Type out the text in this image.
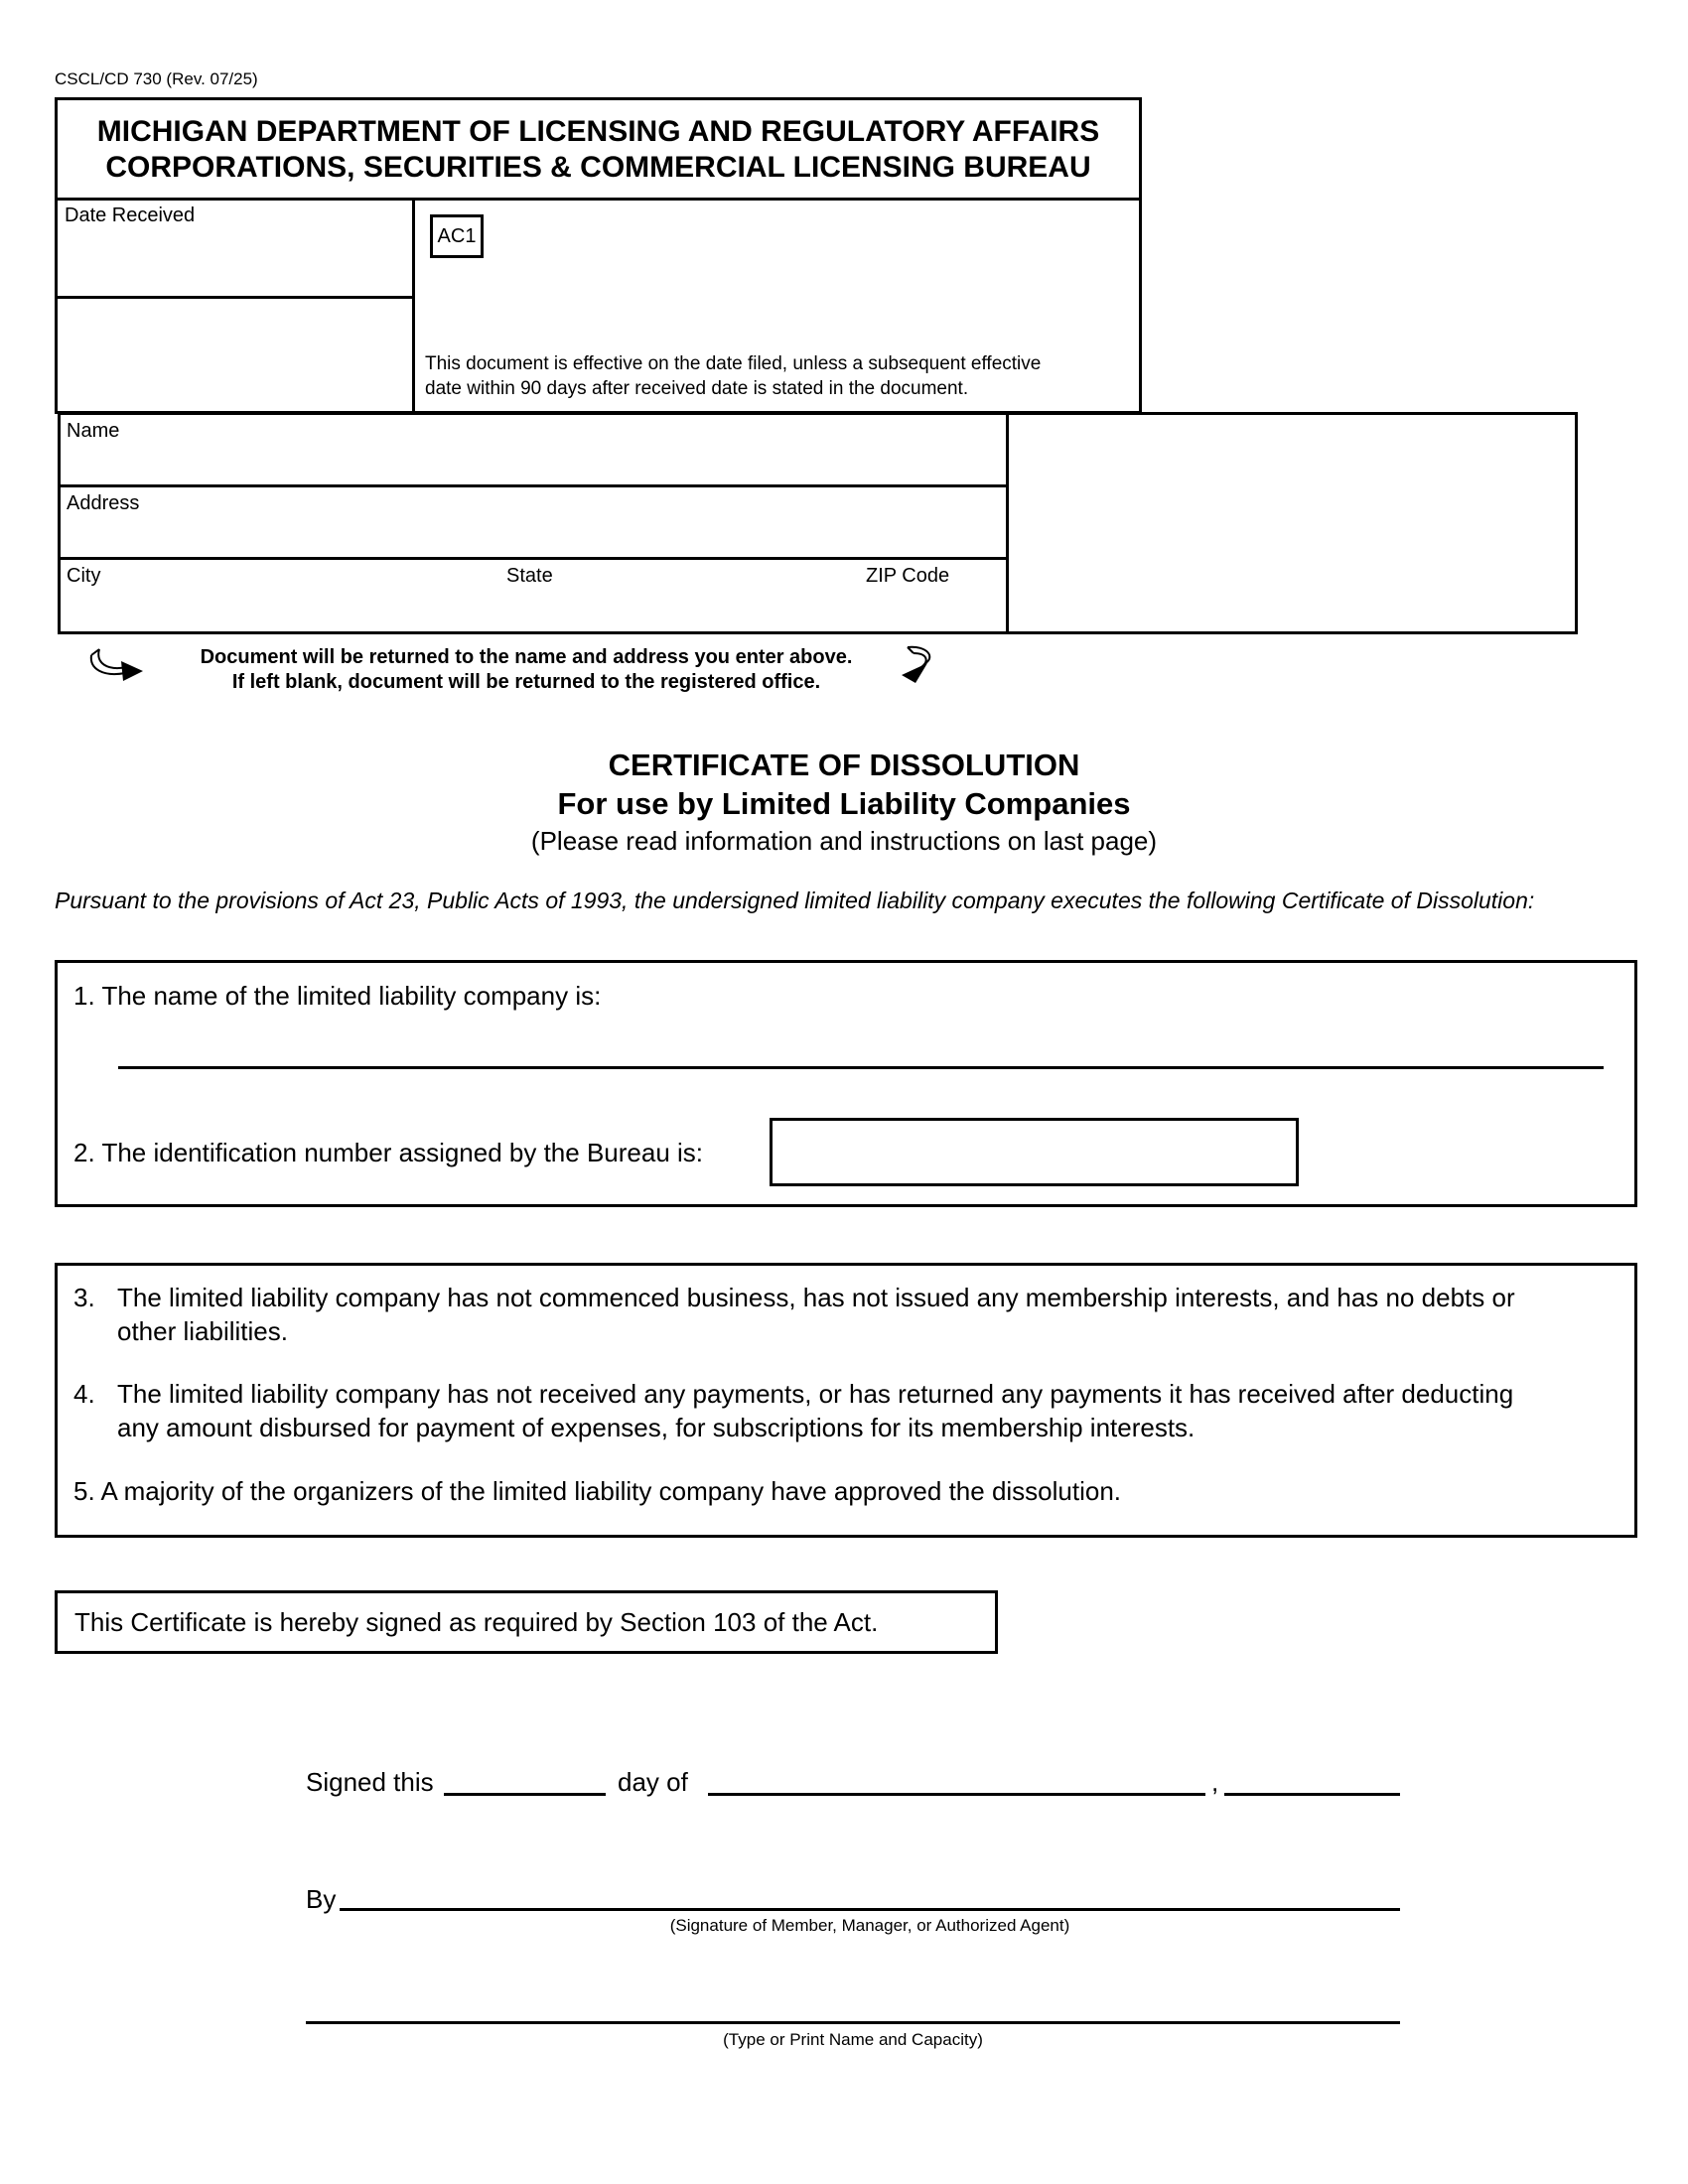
CSCL/CD 730 (Rev. 07/25)
MICHIGAN DEPARTMENT OF LICENSING AND REGULATORY AFFAIRS
CORPORATIONS, SECURITIES & COMMERCIAL LICENSING BUREAU
Date Received
AC1
This document is effective on the date filed, unless a subsequent effective
date within 90 days after received date is stated in the document.
Name
Address
City	State	ZIP Code
Document will be returned to the name and address you enter above.
If left blank, document will be returned to the registered office.
CERTIFICATE OF DISSOLUTION
For use by Limited Liability Companies
(Please read information and instructions on last page)
Pursuant to the provisions of Act 23, Public Acts of 1993, the undersigned limited liability company executes the following Certificate of Dissolution:
1. The name of the limited liability company is:
2. The identification number assigned by the Bureau is:
3. The limited liability company has not commenced business, has not issued any membership interests, and has no debts or
other liabilities.
4. The limited liability company has not received any payments, or has returned any payments it has received after deducting
any amount disbursed for payment of expenses, for subscriptions for its membership interests.
5. A majority of the organizers of the limited liability company have approved the dissolution.
This Certificate is hereby signed as required by Section 103 of the Act.
Signed this	day of	,
By
(Signature of Member, Manager, or Authorized Agent)
(Type or Print Name and Capacity)
